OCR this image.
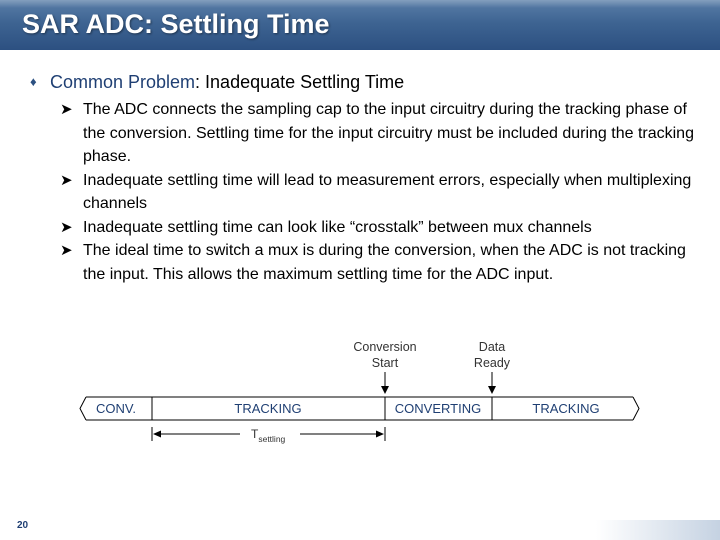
SAR ADC: Settling Time
♦ Common Problem: Inadequate Settling Time
➤ The ADC connects the sampling cap to the input circuitry during the tracking phase of the conversion. Settling time for the input circuitry must be included during the tracking phase.
➤ Inadequate settling time will lead to measurement errors, especially when multiplexing channels
➤ Inadequate settling time can look like “crosstalk” between mux channels
➤ The ideal time to switch a mux is during the conversion, when the ADC is not tracking the input. This allows the maximum settling time for the ADC input.
Conversion
Start
Data
Ready
CONV.	TRACKING	CONVERTING	TRACKING
$T_{settling}$
20
